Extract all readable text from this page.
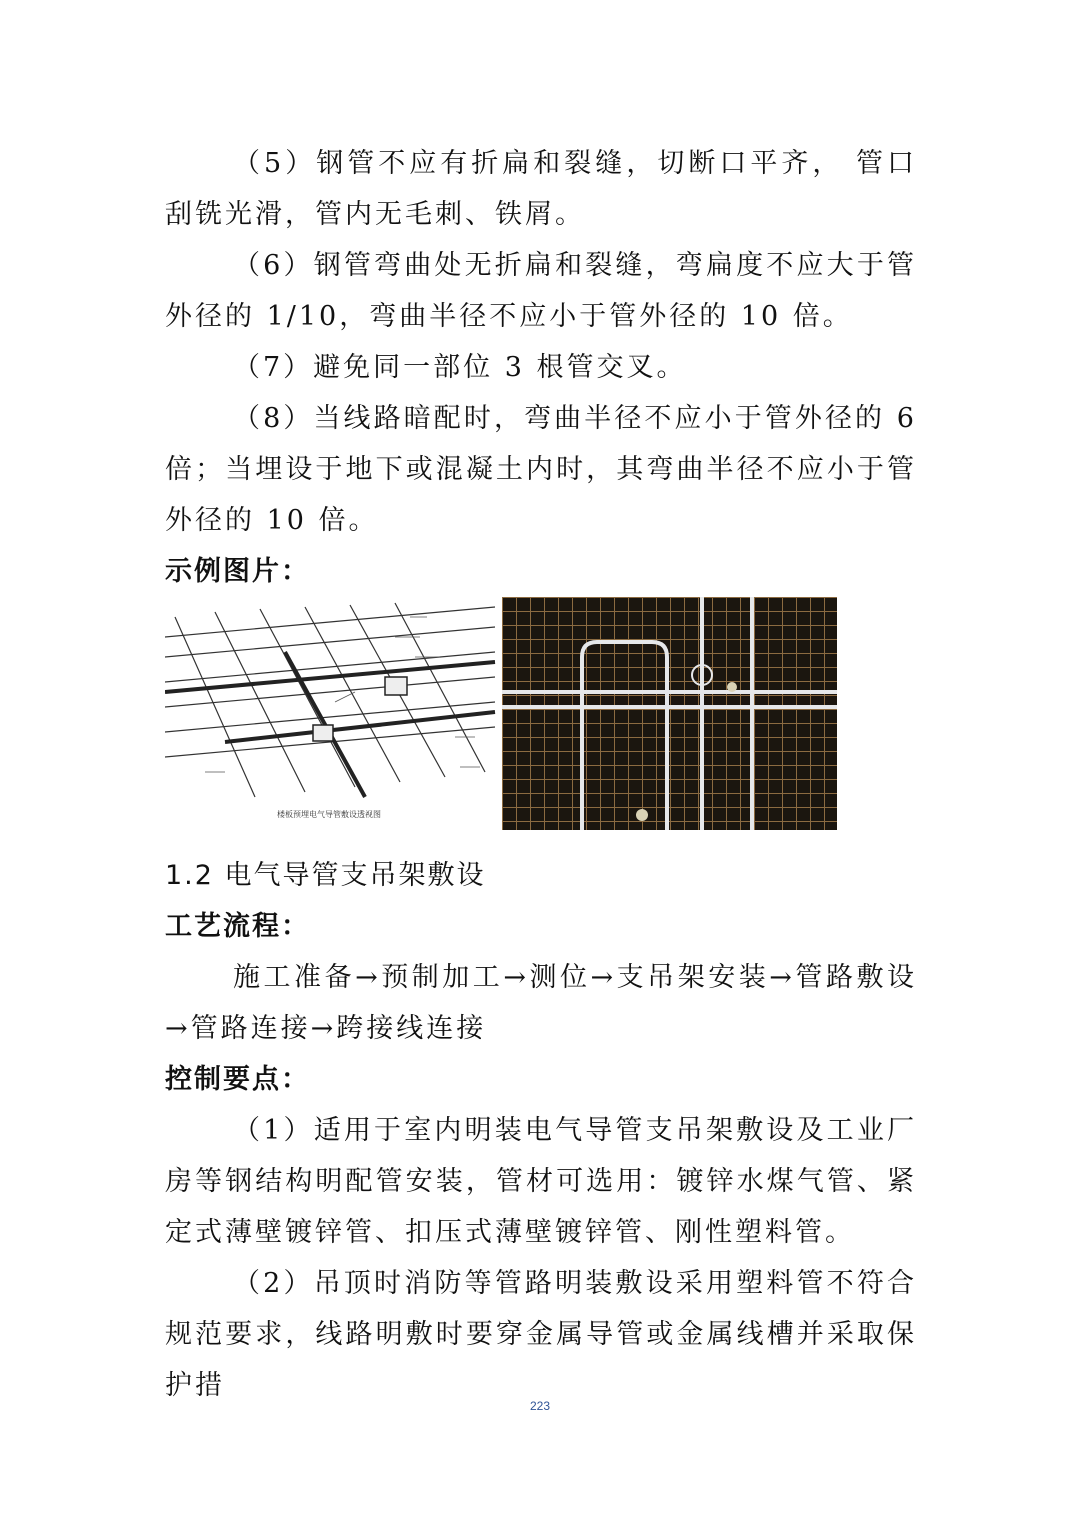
（5）钢管不应有折扁和裂缝，切断口平齐， 管口刮铣光滑，管内无毛刺、铁屑。

（6）钢管弯曲处无折扁和裂缝，弯扁度不应大于管外径的 1/10，弯曲半径不应小于管外径的 10 倍。

（7）避免同一部位 3 根管交叉。

（8）当线路暗配时，弯曲半径不应小于管外径的 6 倍；当埋设于地下或混凝土内时，其弯曲半径不应小于管外径的 10 倍。

示例图片：

楼板预埋电气导管敷设透视图

1.2 电气导管支吊架敷设

工艺流程：

施工准备→预制加工→测位→支吊架安装→管路敷设→管路连接→跨接线连接

控制要点：

（1）适用于室内明装电气导管支吊架敷设及工业厂房等钢结构明配管安装，管材可选用：镀锌水煤气管、紧定式薄壁镀锌管、扣压式薄壁镀锌管、刚性塑料管。

（2）吊顶时消防等管路明装敷设采用塑料管不符合规范要求，线路明敷时要穿金属导管或金属线槽并采取保护措

223
